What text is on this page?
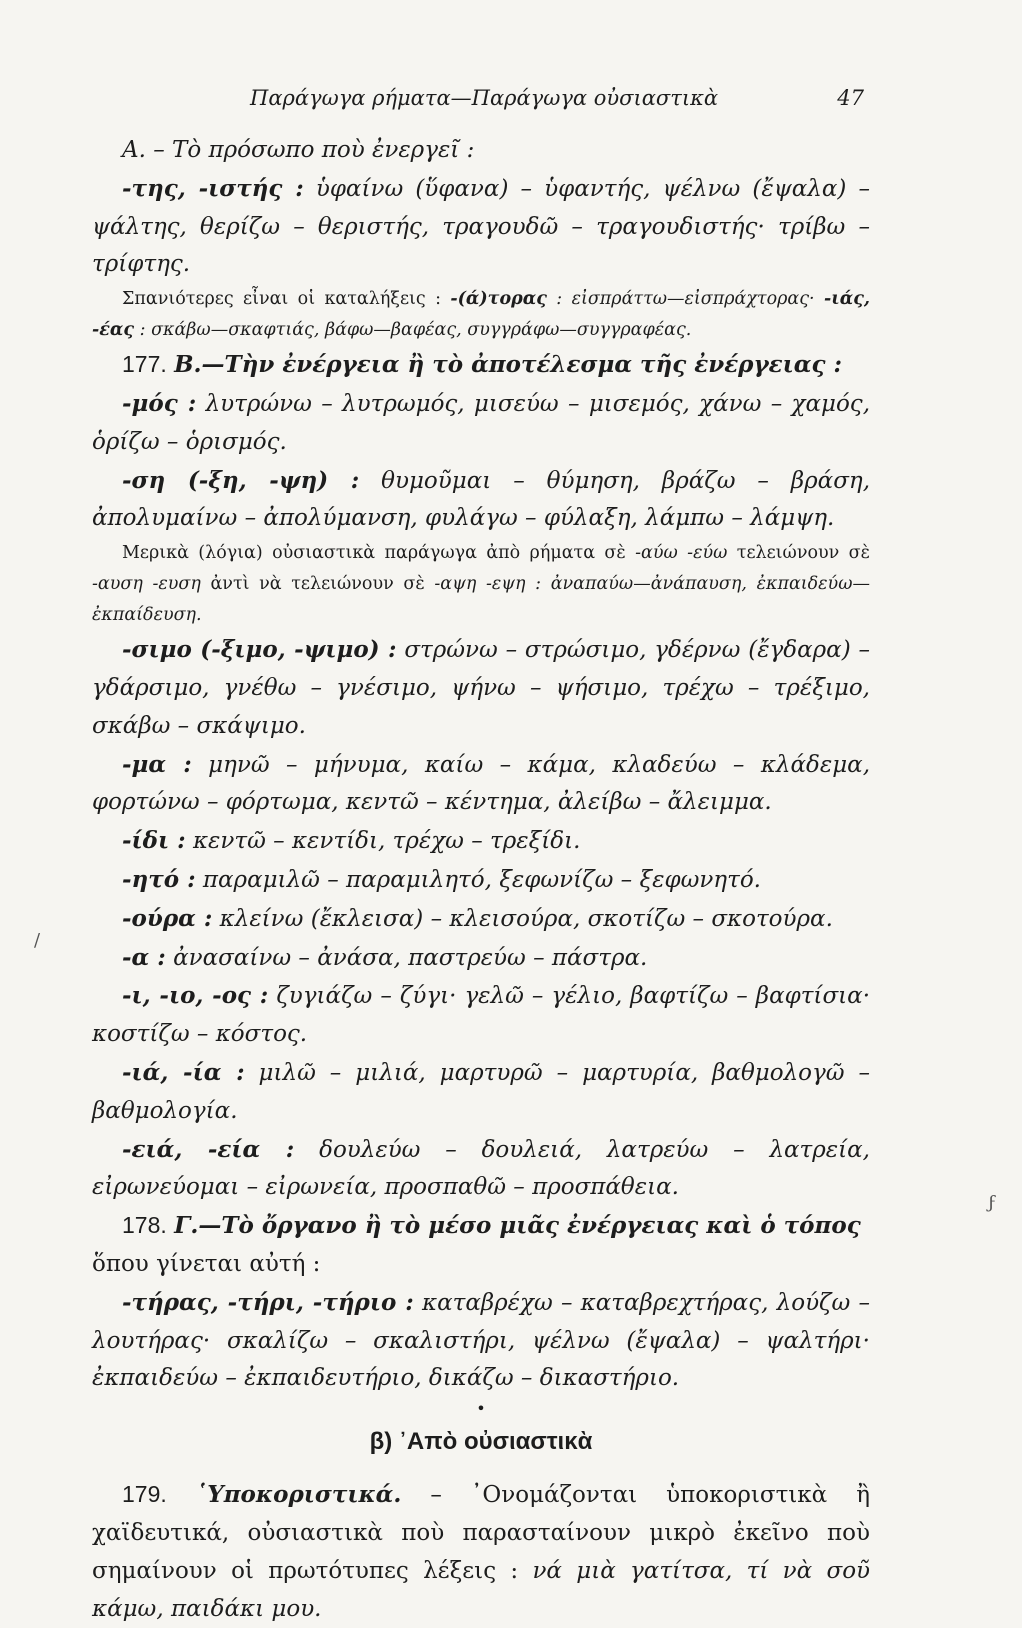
Παράγωγα ρήματα—Παράγωγα οὐσιαστικὰ	47

Α. – Τὸ πρόσωπο ποὺ ἐνεργεῖ :

-της, -ιστής : ὑφαίνω (ὕφανα) – ὑφαντής, ψέλνω (ἔψαλα) – ψάλτης, θερίζω – θεριστής, τραγουδῶ – τραγουδιστής· τρίβω – τρίφτης.

Σπανιότερες εἶναι οἱ καταλήξεις : -(ά)τορας : εἰσπράττω—εἰσπράχτορας· -ιάς, -έας : σκάβω—σκαφτιάς, βάφω—βαφέας, συγγράφω—συγγραφέας.

177. Β.—Τὴν ἐνέργεια ἢ τὸ ἀποτέλεσμα τῆς ἐνέργειας :

-μός : λυτρώνω – λυτρωμός, μισεύω – μισεμός, χάνω – χαμός, ὁρίζω – ὁρισμός.

-ση (-ξη, -ψη) : θυμοῦμαι – θύμηση, βράζω – βράση, ἀπολυμαίνω – ἀπολύμανση, φυλάγω – φύλαξη, λάμπω – λάμψη.

Μερικὰ (λόγια) οὐσιαστικὰ παράγωγα ἀπὸ ρήματα σὲ -αύω -εύω τελειώνουν σὲ -αυση -ευση ἀντὶ νὰ τελειώνουν σὲ -αψη -εψη : ἀναπαύω—ἀνάπαυση, ἐκπαιδεύω—ἐκπαίδευση.

-σιμο (-ξιμο, -ψιμο) : στρώνω – στρώσιμο, γδέρνω (ἔγδαρα) – γδάρσιμο, γνέθω – γνέσιμο, ψήνω – ψήσιμο, τρέχω – τρέξιμο, σκάβω – σκάψιμο.

-μα : μηνῶ – μήνυμα, καίω – κάμα, κλαδεύω – κλάδεμα, φορτώνω – φόρτωμα, κεντῶ – κέντημα, ἀλείβω – ἄλειμμα.

-ίδι : κεντῶ – κεντίδι, τρέχω – τρεξίδι.

-ητό : παραμιλῶ – παραμιλητό, ξεφωνίζω – ξεφωνητό.

-ούρα : κλείνω (ἔκλεισα) – κλεισούρα, σκοτίζω – σκοτούρα.

-α : ἀνασαίνω – ἀνάσα, παστρεύω – πάστρα.

-ι, -ιο, -ος : ζυγιάζω – ζύγι· γελῶ – γέλιο, βαφτίζω – βαφτίσια· κοστίζω – κόστος.

-ιά, -ία : μιλῶ – μιλιά, μαρτυρῶ – μαρτυρία, βαθμολογῶ – βαθμολογία.

-ειά, -εία : δουλεύω – δουλειά, λατρεύω – λατρεία, εἰρωνεύομαι – εἰρωνεία, προσπαθῶ – προσπάθεια.

178. Γ.—Τὸ ὄργανο ἢ τὸ μέσο μιᾶς ἐνέργειας καὶ ὁ τόπος

ὅπου γίνεται αὐτή :

-τήρας, -τήρι, -τήριο : καταβρέχω – καταβρεχτήρας, λούζω – λουτήρας· σκαλίζω – σκαλιστήρι, ψέλνω (ἔψαλα) – ψαλτήρι· ἐκπαιδεύω – ἐκπαιδευτήριο, δικάζω – δικαστήριο.

•
β) ᾿Απὸ οὐσιαστικὰ

179. ῾Υποκοριστικά. – ᾿Ονομάζονται ὑποκοριστικὰ ἢ χαϊδευτικά, οὐσιαστικὰ ποὺ παρασταίνουν μικρὸ ἐκεῖνο ποὺ σημαίνουν οἱ πρωτότυπες λέξεις : νά μιὰ γατίτσα, τί νὰ σοῦ κάμω, παιδάκι μου.

/
ϝ
